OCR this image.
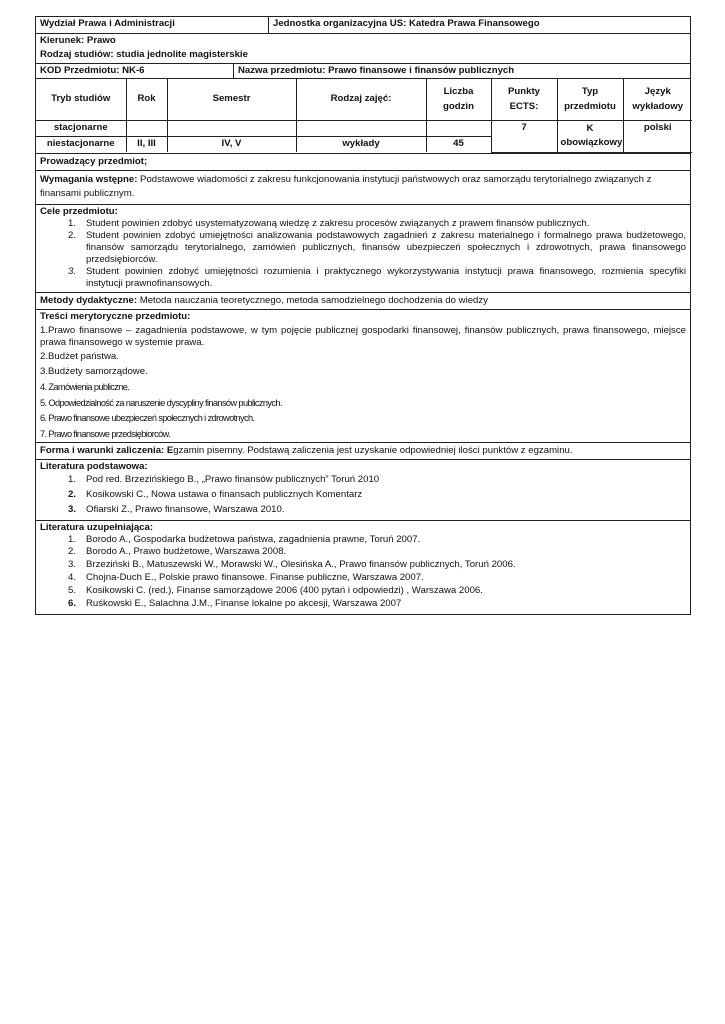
Wydział Prawa i Administracji	Jednostka organizacyjna US: Katedra Prawa Finansowego
Kierunek: Prawo
Rodzaj studiów: studia jednolite magisterskie
KOD Przedmiotu: NK-6	Nazwa przedmiotu: Prawo finansowe i finansów publicznych
Tryb studiów	Rok	Semestr	Rodzaj zajęć:	Liczba godzin	Punkty ECTS:	Typ przedmiotu	Język wykładowy
stacjonarne					7	K obowiązkowy	polski
niestacjonarne	II, III	IV, V	wykłady	45			
Prowadzący przedmiot;
Wymagania wstępne: Podstawowe wiadomości z zakresu funkcjonowania instytucji państwowych oraz samorządu terytorialnego związanych z finansami publicznym.
Cele przedmiotu:
1.	Student powinien zdobyć usystematyzowaną wiedzę z zakresu procesów związanych z prawem finansów publicznych.
2.	Student powinien zdobyć umiejętności analizowania podstawowych zagadnień z zakresu materialnego i formalnego prawa budżetowego, finansów samorządu terytorialnego, zamówień publicznych, finansów ubezpieczeń społecznych i zdrowotnych, prawa finansowego przedsiębiorców.
3.	Student powinien zdobyć umiejętności rozumienia i praktycznego wykorzystywania instytucji prawa finansowego, rozmienia specyfiki instytucji prawnofinansowych.
Metody dydaktyczne: Metoda nauczania teoretycznego, metoda samodzielnego dochodzenia do wiedzy
Treści merytoryczne przedmiotu:
1.Prawo finansowe – zagadnienia podstawowe, w tym pojęcie publicznej gospodarki finansowej, finansów publicznych, prawa finansowego, miejsce prawa finansowego w systemie prawa.
2.Budżet państwa.
3.Budżety samorządowe.
4. Zamówienia publiczne.
5. Odpowiedzialność za naruszenie dyscypliny finansów publicznych.
6. Prawo finansowe ubezpieczeń społecznych i zdrowotnych.
7. Prawo finansowe przedsiębiorców.
Forma i warunki zaliczenia: Egzamin pisemny. Podstawą zaliczenia jest uzyskanie odpowiedniej ilości punktów z egzaminu.
Literatura podstawowa:
1.	Pod red. Brzezińskiego B., „Prawo finansów publicznych” Toruń 2010
2.	Kosikowski C., Nowa ustawa o finansach publicznych Komentarz
3.	Ofiarski Z., Prawo finansowe, Warszawa 2010.
Literatura uzupełniająca:
1.	Borodo A., Gospodarka budżetowa państwa, zagadnienia prawne, Toruń 2007.
2.	Borodo A., Prawo budżetowe, Warszawa 2008.
3.	Brzeziński B., Matuszewski W., Morawski W., Olesińska A., Prawo finansów publicznych, Toruń 2006.
4.	Chojna-Duch E., Polskie prawo finansowe. Finanse publiczne, Warszawa 2007.
5.	Kosikowski C. (red.), Finanse samorządowe 2006 (400 pytań i odpowiedzi) , Warszawa 2006.
6.	Ruśkowski E., Salachna J.M., Finanse lokalne po akcesji, Warszawa 2007
